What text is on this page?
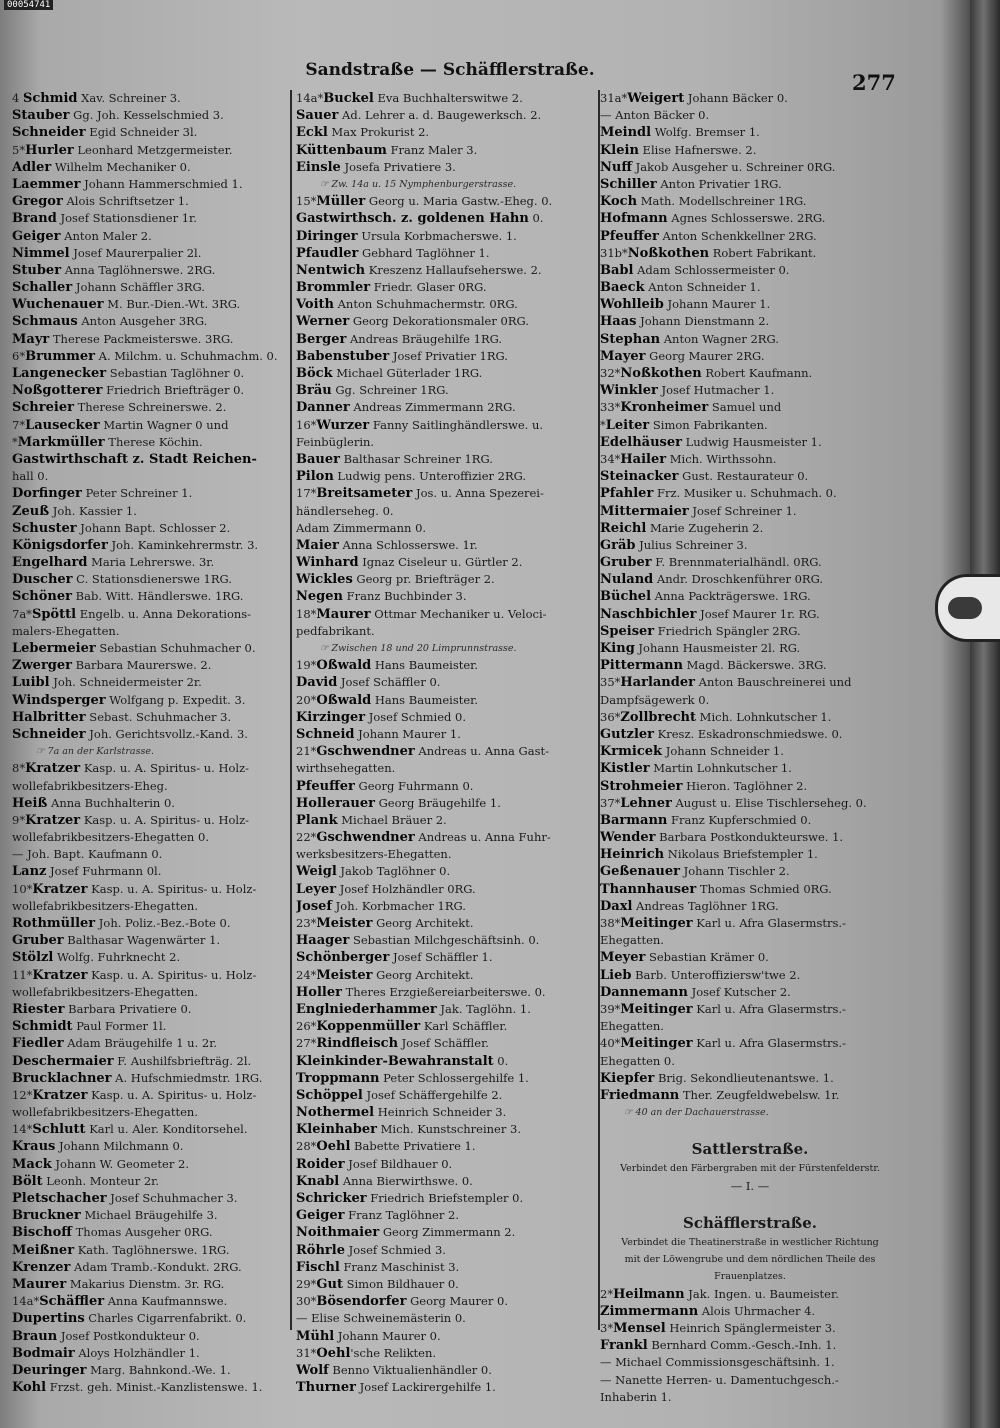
00054741
Sandstraße — Schäfflerstraße.	277
4 Schmid Xav. Schreiner 3.
Stauber Gg. Joh. Kesselschmied 3.
Schneider Egid Schneider 3l.
5*Hurler Leonhard Metzgermeister.
Adler Wilhelm Mechaniker 0.
Laemmer Johann Hammerschmied 1.
Gregor Alois Schriftsetzer 1.
Brand Josef Stationsdiener 1r.
Geiger Anton Maler 2.
Nimmel Josef Maurerpalier 2l.
Stuber Anna Taglöhnerswe. 2RG.
Schaller Johann Schäffler 3RG.
Wuchenauer M. Bur.-Dien.-Wt. 3RG.
Schmaus Anton Ausgeher 3RG.
Mayr Therese Packmeisterswe. 3RG.
6*Brummer A. Milchm. u. Schuhmachm. 0.
Langenecker Sebastian Taglöhner 0.
Noßgotterer Friedrich Briefträger 0.
Schreier Therese Schreinerswe. 2.
7*Lausecker Martin Wagner 0 und
*Markmüller Therese Köchin.
Gastwirthschaft z. Stadt Reichen-
hall 0.
Dorfinger Peter Schreiner 1.
Zeuß Joh. Kassier 1.
Schuster Johann Bapt. Schlosser 2.
Königsdorfer Joh. Kaminkehrermstr. 3.
Engelhard Maria Lehrerswe. 3r.
Duscher C. Stationsdienerswe 1RG.
Schöner Bab. Witt. Händlerswe. 1RG.
7a*Spöttl Engelb. u. Anna Dekorations-
malers-Ehegatten.
Lebermeier Sebastian Schuhmacher 0.
Zwerger Barbara Maurerswe. 2.
Luibl Joh. Schneidermeister 2r.
Windsperger Wolfgang p. Expedit. 3.
Halbritter Sebast. Schuhmacher 3.
Schneider Joh. Gerichtsvollz.-Kand. 3.
☞ 7a an der Karlstrasse.
8*Kratzer Kasp. u. A. Spiritus- u. Holz-
wollefabrikbesitzers-Eheg.
Heiß Anna Buchhalterin 0.
9*Kratzer Kasp. u. A. Spiritus- u. Holz-
wollefabrikbesitzers-Ehegatten 0.
— Joh. Bapt. Kaufmann 0.
Lanz Josef Fuhrmann 0l.
10*Kratzer Kasp. u. A. Spiritus- u. Holz-
wollefabrikbesitzers-Ehegatten.
Rothmüller Joh. Poliz.-Bez.-Bote 0.
Gruber Balthasar Wagenwärter 1.
Stölzl Wolfg. Fuhrknecht 2.
11*Kratzer Kasp. u. A. Spiritus- u. Holz-
wollefabrikbesitzers-Ehegatten.
Riester Barbara Privatiere 0.
Schmidt Paul Former 1l.
Fiedler Adam Bräugehilfe 1 u. 2r.
Deschermaier F. Aushilfsbriefträg. 2l.
Brucklachner A. Hufschmiedmstr. 1RG.
12*Kratzer Kasp. u. A. Spiritus- u. Holz-
wollefabrikbesitzers-Ehegatten.
14*Schlutt Karl u. Aler. Konditorsehel.
Kraus Johann Milchmann 0.
Mack Johann W. Geometer 2.
Bölt Leonh. Monteur 2r.
Pletschacher Josef Schuhmacher 3.
Bruckner Michael Bräugehilfe 3.
Bischoff Thomas Ausgeher 0RG.
Meißner Kath. Taglöhnerswe. 1RG.
Krenzer Adam Tramb.-Kondukt. 2RG.
Maurer Makarius Dienstm. 3r. RG.
14a*Schäffler Anna Kaufmannswe.
Dupertins Charles Cigarrenfabrikt. 0.
Braun Josef Postkondukteur 0.
Bodmair Aloys Holzhändler 1.
Deuringer Marg. Bahnkond.-We. 1.
Kohl Frzst. geh. Minist.-Kanzlistenswe. 1.
14a*Buckel Eva Buchhalterswitwe 2.
Sauer Ad. Lehrer a. d. Baugewerksch. 2.
Eckl Max Prokurist 2.
Küttenbaum Franz Maler 3.
Einsle Josefa Privatiere 3.
☞ Zw. 14a u. 15 Nymphenburgerstrasse.
15*Müller Georg u. Maria Gastw.-Eheg. 0.
Gastwirthsch. z. goldenen Hahn 0.
Diringer Ursula Korbmacherswe. 1.
Pfaudler Gebhard Taglöhner 1.
Nentwich Kreszenz Hallaufseherswe. 2.
Brommler Friedr. Glaser 0RG.
Voith Anton Schuhmachermstr. 0RG.
Werner Georg Dekorationsmaler 0RG.
Berger Andreas Bräugehilfe 1RG.
Babenstuber Josef Privatier 1RG.
Böck Michael Güterlader 1RG.
Bräu Gg. Schreiner 1RG.
Danner Andreas Zimmermann 2RG.
16*Wurzer Fanny Saitlinghändlerswe. u.
Feinbüglerin.
Bauer Balthasar Schreiner 1RG.
Pilon Ludwig pens. Unteroffizier 2RG.
17*Breitsameter Jos. u. Anna Spezerei-
händlerseheg. 0.
Adam Zimmermann 0.
Maier Anna Schlosserswe. 1r.
Winhard Ignaz Ciseleur u. Gürtler 2.
Wickles Georg pr. Briefträger 2.
Negen Franz Buchbinder 3.
18*Maurer Ottmar Mechaniker u. Veloci-
pedfabrikant.
☞ Zwischen 18 und 20 Limprunnstrasse.
19*Oßwald Hans Baumeister.
David Josef Schäffler 0.
20*Oßwald Hans Baumeister.
Kirzinger Josef Schmied 0.
Schneid Johann Maurer 1.
21*Gschwendner Andreas u. Anna Gast-
wirthsehegatten.
Pfeuffer Georg Fuhrmann 0.
Hollerauer Georg Bräugehilfe 1.
Plank Michael Bräuer 2.
22*Gschwendner Andreas u. Anna Fuhr-
werksbesitzers-Ehegatten.
Weigl Jakob Taglöhner 0.
Leyer Josef Holzhändler 0RG.
Josef Joh. Korbmacher 1RG.
23*Meister Georg Architekt.
Haager Sebastian Milchgeschäftsinh. 0.
Schönberger Josef Schäffler 1.
24*Meister Georg Architekt.
Holler Theres Erzgießereiarbeiterswe. 0.
Englniederhammer Jak. Taglöhn. 1.
26*Koppenmüller Karl Schäffler.
27*Rindfleisch Josef Schäffler.
Kleinkinder-Bewahranstalt 0.
Troppmann Peter Schlossergehilfe 1.
Schöppel Josef Schäffergehilfe 2.
Nothermel Heinrich Schneider 3.
Kleinhaber Mich. Kunstschreiner 3.
28*Oehl Babette Privatiere 1.
Roider Josef Bildhauer 0.
Knabl Anna Bierwirthswe. 0.
Schricker Friedrich Briefstempler 0.
Geiger Franz Taglöhner 2.
Noithmaier Georg Zimmermann 2.
Röhrle Josef Schmied 3.
Fischl Franz Maschinist 3.
29*Gut Simon Bildhauer 0.
30*Bösendorfer Georg Maurer 0.
— Elise Schweinemästerin 0.
Mühl Johann Maurer 0.
31*Oehl'sche Relikten.
Wolf Benno Viktualienhändler 0.
Thurner Josef Lackirergehilfe 1.
31a*Weigert Johann Bäcker 0.
— Anton Bäcker 0.
Meindl Wolfg. Bremser 1.
Klein Elise Hafnerswe. 2.
Nuff Jakob Ausgeher u. Schreiner 0RG.
Schiller Anton Privatier 1RG.
Koch Math. Modellschreiner 1RG.
Hofmann Agnes Schlosserswe. 2RG.
Pfeuffer Anton Schenkkellner 2RG.
31b*Noßkothen Robert Fabrikant.
Babl Adam Schlossermeister 0.
Baeck Anton Schneider 1.
Wohlleib Johann Maurer 1.
Haas Johann Dienstmann 2.
Stephan Anton Wagner 2RG.
Mayer Georg Maurer 2RG.
32*Noßkothen Robert Kaufmann.
Winkler Josef Hutmacher 1.
33*Kronheimer Samuel und
*Leiter Simon Fabrikanten.
Edelhäuser Ludwig Hausmeister 1.
34*Hailer Mich. Wirthssohn.
Steinacker Gust. Restaurateur 0.
Pfahler Frz. Musiker u. Schuhmach. 0.
Mittermaier Josef Schreiner 1.
Reichl Marie Zugeherin 2.
Gräb Julius Schreiner 3.
Gruber F. Brennmaterialhändl. 0RG.
Nuland Andr. Droschkenführer 0RG.
Büchel Anna Packträgerswe. 1RG.
Naschbichler Josef Maurer 1r. RG.
Speiser Friedrich Spängler 2RG.
King Johann Hausmeister 2l. RG.
Pittermann Magd. Bäckerswe. 3RG.
35*Harlander Anton Bauschreinerei und
Dampfsägewerk 0.
36*Zollbrecht Mich. Lohnkutscher 1.
Gutzler Kresz. Eskadronschmiedswe. 0.
Krmicek Johann Schneider 1.
Kistler Martin Lohnkutscher 1.
Strohmeier Hieron. Taglöhner 2.
37*Lehner August u. Elise Tischlerseheg. 0.
Barmann Franz Kupferschmied 0.
Wender Barbara Postkondukteurswe. 1.
Heinrich Nikolaus Briefstempler 1.
Geßenauer Johann Tischler 2.
Thannhauser Thomas Schmied 0RG.
Daxl Andreas Taglöhner 1RG.
38*Meitinger Karl u. Afra Glasermstrs.-
Ehegatten.
Meyer Sebastian Krämer 0.
Lieb Barb. Unteroffiziersw'twe 2.
Dannemann Josef Kutscher 2.
39*Meitinger Karl u. Afra Glasermstrs.-
Ehegatten.
40*Meitinger Karl u. Afra Glasermstrs.-
Ehegatten 0.
Kiepfer Brig. Sekondlieutenantswe. 1.
Friedmann Ther. Zeugfeldwebelsw. 1r.
☞ 40 an der Dachauerstrasse.
Sattlerstraße.
Verbindet den Färbergraben mit der Fürstenfelderstr.
— I. —
Schäfflerstraße.
Verbindet die Theatinerstraße in westlicher Richtung
mit der Löwengrube und dem nördlichen Theile des
Frauenplatzes.
2*Heilmann Jak. Ingen. u. Baumeister.
Zimmermann Alois Uhrmacher 4.
3*Mensel Heinrich Spänglermeister 3.
Frankl Bernhard Comm.-Gesch.-Inh. 1.
— Michael Commissionsgeschäftsinh. 1.
— Nanette Herren- u. Damentuchgesch.-
Inhaberin 1.
